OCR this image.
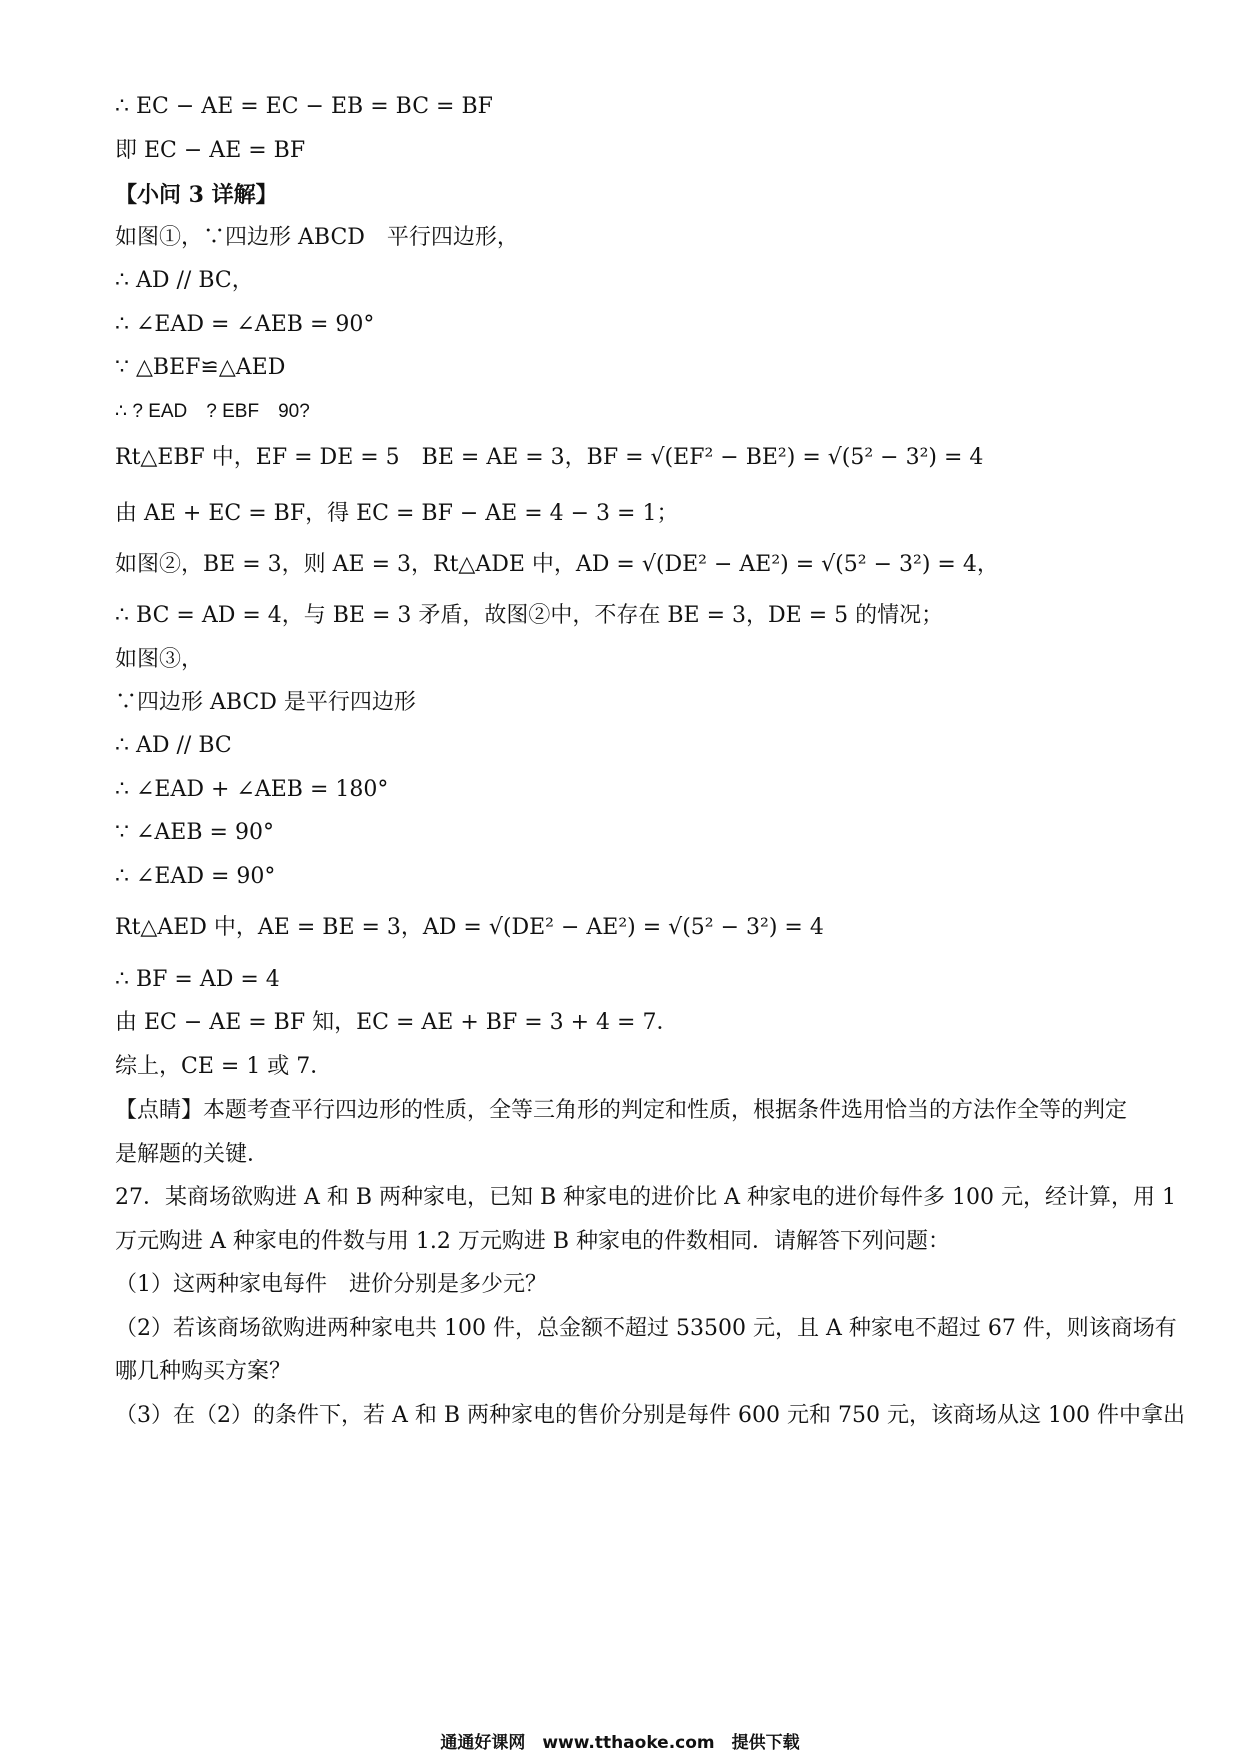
∴ EC − AE = EC − EB = BC = BF
即 EC − AE = BF
【小问 3 详解】
如图①，∵四边形 ABCD　平行四边形，
∴ AD // BC，
∴ ∠EAD = ∠AEB = 90°
∵ △BEF≌△AED
∴ ? EAD　? EBF　90?
Rt△EBF 中，EF = DE = 5　BE = AE = 3，BF = √(EF² − BE²) = √(5² − 3²) = 4
由 AE + EC = BF，得 EC = BF − AE = 4 − 3 = 1；
如图②，BE = 3，则 AE = 3，Rt△ADE 中，AD = √(DE² − AE²) = √(5² − 3²) = 4，
∴ BC = AD = 4，与 BE = 3 矛盾，故图②中，不存在 BE = 3，DE = 5 的情况；
如图③，
∵四边形 ABCD 是平行四边形
∴ AD // BC
∴ ∠EAD + ∠AEB = 180°
∵ ∠AEB = 90°
∴ ∠EAD = 90°
Rt△AED 中，AE = BE = 3，AD = √(DE² − AE²) = √(5² − 3²) = 4
∴ BF = AD = 4
由 EC − AE = BF 知，EC = AE + BF = 3 + 4 = 7．
综上，CE = 1 或 7．
【点睛】本题考查平行四边形的性质，全等三角形的判定和性质，根据条件选用恰当的方法作全等的判定
是解题的关键．
27．某商场欲购进 A 和 B 两种家电，已知 B 种家电的进价比 A 种家电的进价每件多 100 元，经计算，用 1
万元购进 A 种家电的件数与用 1.2 万元购进 B 种家电的件数相同．请解答下列问题：
（1）这两种家电每件　进价分别是多少元？
（2）若该商场欲购进两种家电共 100 件，总金额不超过 53500 元，且 A 种家电不超过 67 件，则该商场有
哪几种购买方案？
（3）在（2）的条件下，若 A 和 B 两种家电的售价分别是每件 600 元和 750 元，该商场从这 100 件中拿出
通通好课网　www.tthaoke.com　提供下载
